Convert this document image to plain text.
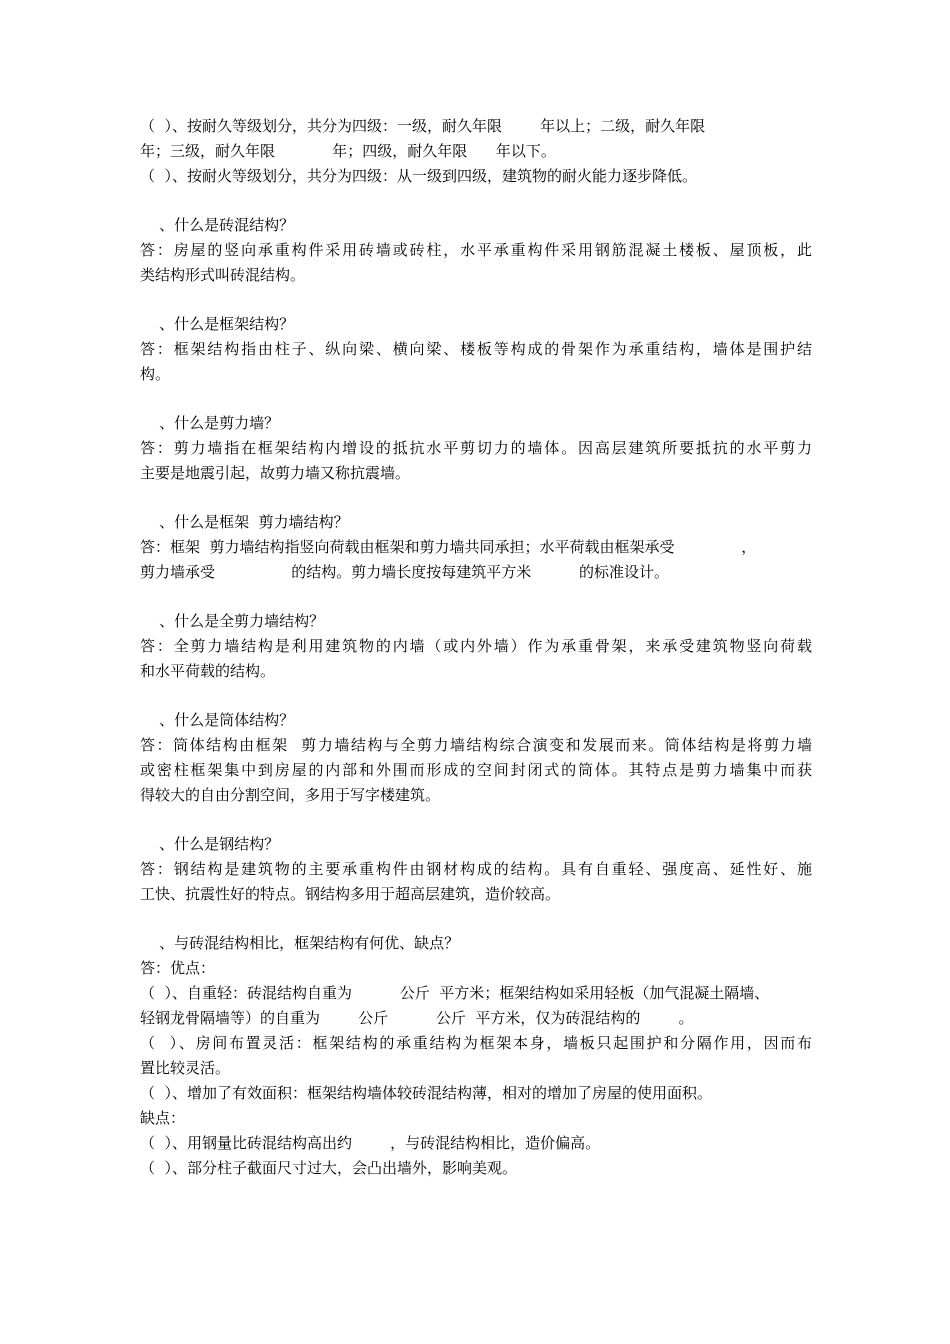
（  ）、按耐久等级划分，共分为四级：一级，耐久年限        年以上；二级，耐久年限
年；三级，耐久年限            年；四级，耐久年限      年以下。
（  ）、按耐火等级划分，共分为四级：从一级到四级，建筑物的耐火能力逐步降低。
、什么是砖混结构？
答：房屋的竖向承重构件采用砖墙或砖柱，水平承重构件采用钢筋混凝土楼板、屋顶板，此
类结构形式叫砖混结构。
、什么是框架结构？
答：框架结构指由柱子、纵向梁、横向梁、楼板等构成的骨架作为承重结构，墙体是围护结
构。
、什么是剪力墙？
答：剪力墙指在框架结构内增设的抵抗水平剪切力的墙体。因高层建筑所要抵抗的水平剪力
主要是地震引起，故剪力墙又称抗震墙。
、什么是框架  剪力墙结构？
答：框架  剪力墙结构指竖向荷载由框架和剪力墙共同承担；水平荷载由框架承受              ，
剪力墙承受                的结构。剪力墙长度按每建筑平方米          的标准设计。
、什么是全剪力墙结构？
答：全剪力墙结构是利用建筑物的内墙（或内外墙）作为承重骨架，来承受建筑物竖向荷载
和水平荷载的结构。
、什么是筒体结构？
答：筒体结构由框架  剪力墙结构与全剪力墙结构综合演变和发展而来。筒体结构是将剪力墙
或密柱框架集中到房屋的内部和外围而形成的空间封闭式的筒体。其特点是剪力墙集中而获
得较大的自由分割空间，多用于写字楼建筑。
、什么是钢结构？
答：钢结构是建筑物的主要承重构件由钢材构成的结构。具有自重轻、强度高、延性好、施
工快、抗震性好的特点。钢结构多用于超高层建筑，造价较高。
、与砖混结构相比，框架结构有何优、缺点？
答：优点：
（  ）、自重轻：砖混结构自重为          公斤  平方米；框架结构如采用轻板（加气混凝土隔墙、
轻钢龙骨隔墙等）的自重为        公斤          公斤  平方米，仅为砖混结构的        。
（  ）、房间布置灵活：框架结构的承重结构为框架本身，墙板只起围护和分隔作用，因而布
置比较灵活。
（  ）、增加了有效面积：框架结构墙体较砖混结构薄，相对的增加了房屋的使用面积。
缺点：
（  ）、用钢量比砖混结构高出约        ，与砖混结构相比，造价偏高。
（  ）、部分柱子截面尺寸过大，会凸出墙外，影响美观。
